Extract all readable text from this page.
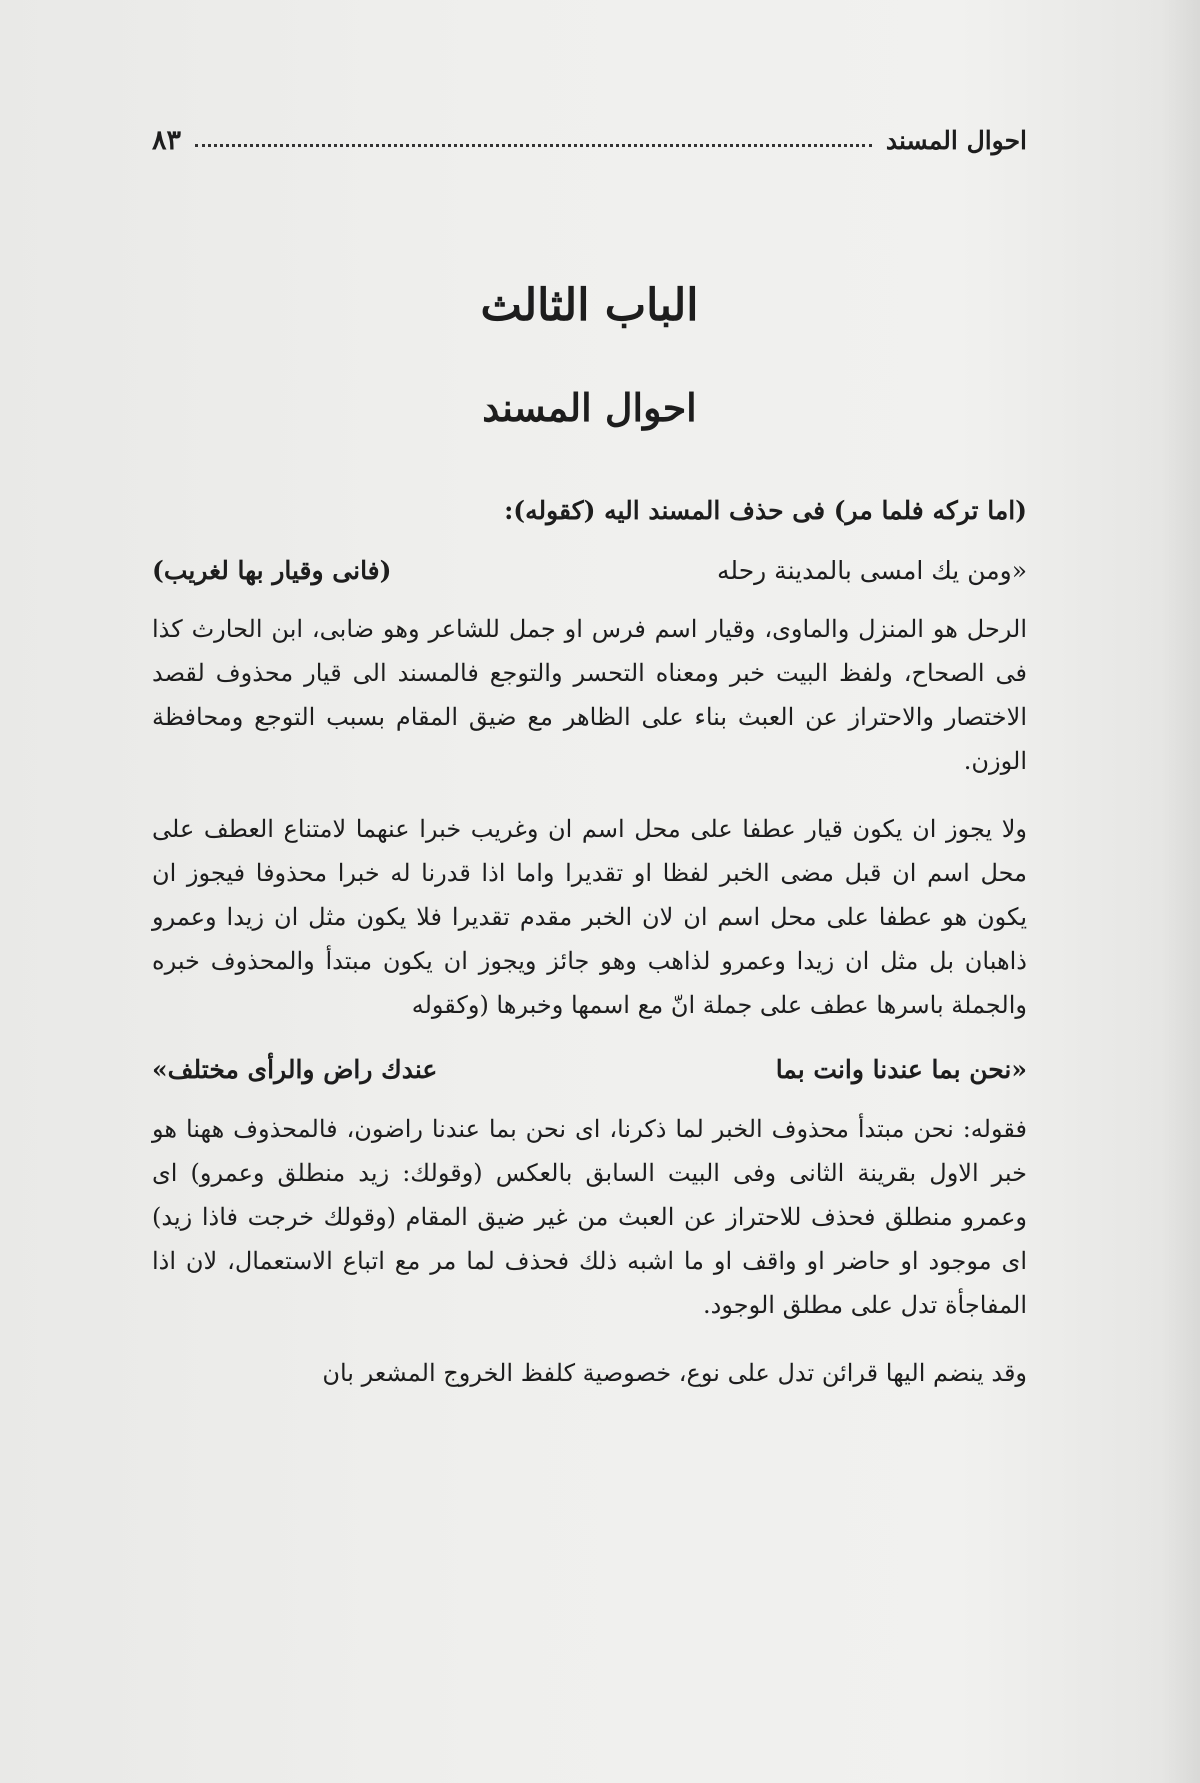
احوال المسند
٨٣
الباب الثالث
احوال المسند
(اما تركه فلما مر) فى حذف المسند اليه (كقوله):
«ومن يك امسى بالمدينة رحله
(فانى وقيار بها لغريب)

الرحل هو المنزل والماوى، وقيار اسم فرس او جمل للشاعر وهو ضابى، ابن الحارث كذا فى الصحاح، ولفظ البيت خبر ومعناه التحسر والتوجع فالمسند الى قيار محذوف لقصد الاختصار والاحتراز عن العبث بناء على الظاهر مع ضيق المقام بسبب التوجع ومحافظة الوزن.

ولا يجوز ان يكون قيار عطفا على محل اسم ان وغريب خبرا عنهما لامتناع العطف على محل اسم ان قبل مضى الخبر لفظا او تقديرا واما اذا قدرنا له خبرا محذوفا فيجوز ان يكون هو عطفا على محل اسم ان لان الخبر مقدم تقديرا فلا يكون مثل ان زيدا وعمرو ذاهبان بل مثل ان زيدا وعمرو لذاهب وهو جائز ويجوز ان يكون مبتدأ والمحذوف خبره والجملة باسرها عطف على جملة انّ مع اسمها وخبرها (وكقوله

«نحن بما عندنا وانت بما
عندك راض والرأى مختلف»

فقوله: نحن مبتدأ محذوف الخبر لما ذكرنا، اى نحن بما عندنا راضون، فالمحذوف ههنا هو خبر الاول بقرينة الثانى وفى البيت السابق بالعكس (وقولك: زيد منطلق وعمرو) اى وعمرو منطلق فحذف للاحتراز عن العبث من غير ضيق المقام (وقولك خرجت فاذا زيد) اى موجود او حاضر او واقف او ما اشبه ذلك فحذف لما مر مع اتباع الاستعمال، لان اذا المفاجأة تدل على مطلق الوجود.

وقد ينضم اليها قرائن تدل على نوع، خصوصية كلفظ الخروج المشعر بان
